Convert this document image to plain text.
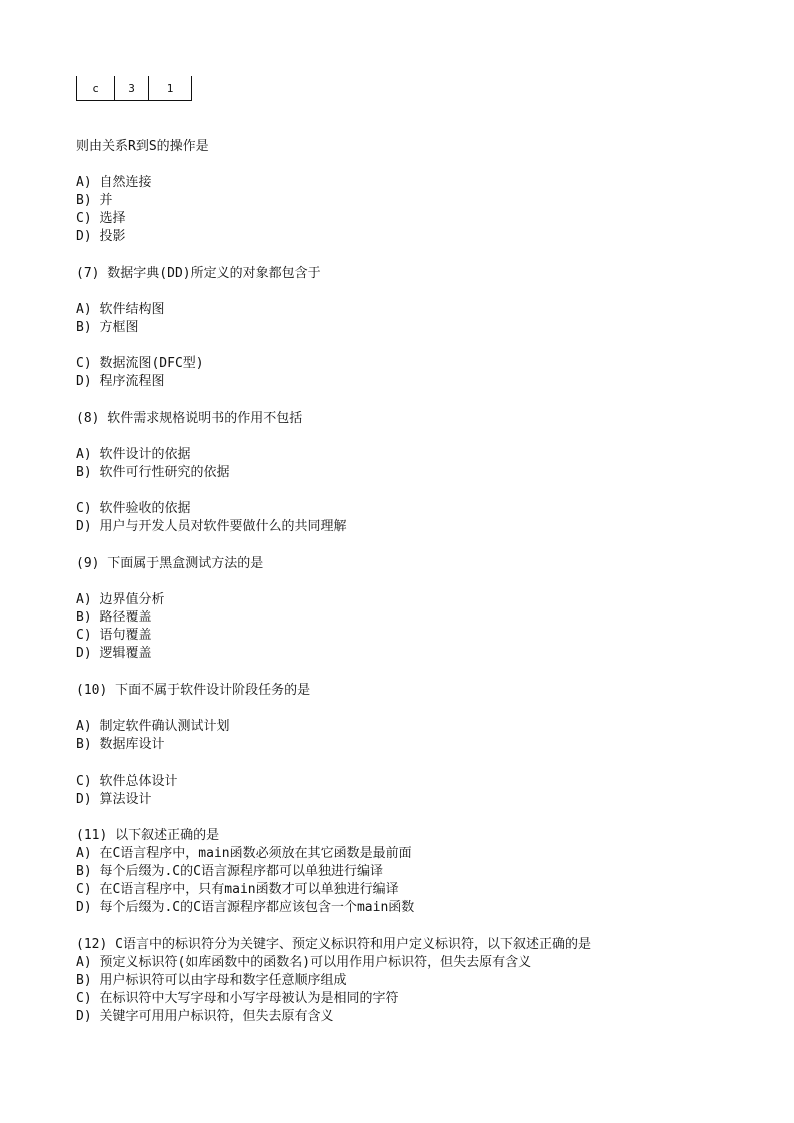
c	3	1
则由关系R到S的操作是
A) 自然连接
B) 并
C) 选择
D) 投影
(7) 数据字典(DD)所定义的对象都包含于
A) 软件结构图
B) 方框图
C) 数据流图(DFC型)
D) 程序流程图
(8) 软件需求规格说明书的作用不包括
A) 软件设计的依据
B) 软件可行性研究的依据
C) 软件验收的依据
D) 用户与开发人员对软件要做什么的共同理解
(9) 下面属于黑盒测试方法的是
A) 边界值分析
B) 路径覆盖
C) 语句覆盖
D) 逻辑覆盖
(10) 下面不属于软件设计阶段任务的是
A) 制定软件确认测试计划
B) 数据库设计
C) 软件总体设计
D) 算法设计
(11) 以下叙述正确的是
A) 在C语言程序中，main函数必须放在其它函数是最前面
B) 每个后缀为.C的C语言源程序都可以单独进行编译
C) 在C语言程序中，只有main函数才可以单独进行编译
D) 每个后缀为.C的C语言源程序都应该包含一个main函数
(12) C语言中的标识符分为关键字、预定义标识符和用户定义标识符，以下叙述正确的是
A) 预定义标识符(如库函数中的函数名)可以用作用户标识符，但失去原有含义
B) 用户标识符可以由字母和数字任意顺序组成
C) 在标识符中大写字母和小写字母被认为是相同的字符
D) 关键字可用用户标识符，但失去原有含义
